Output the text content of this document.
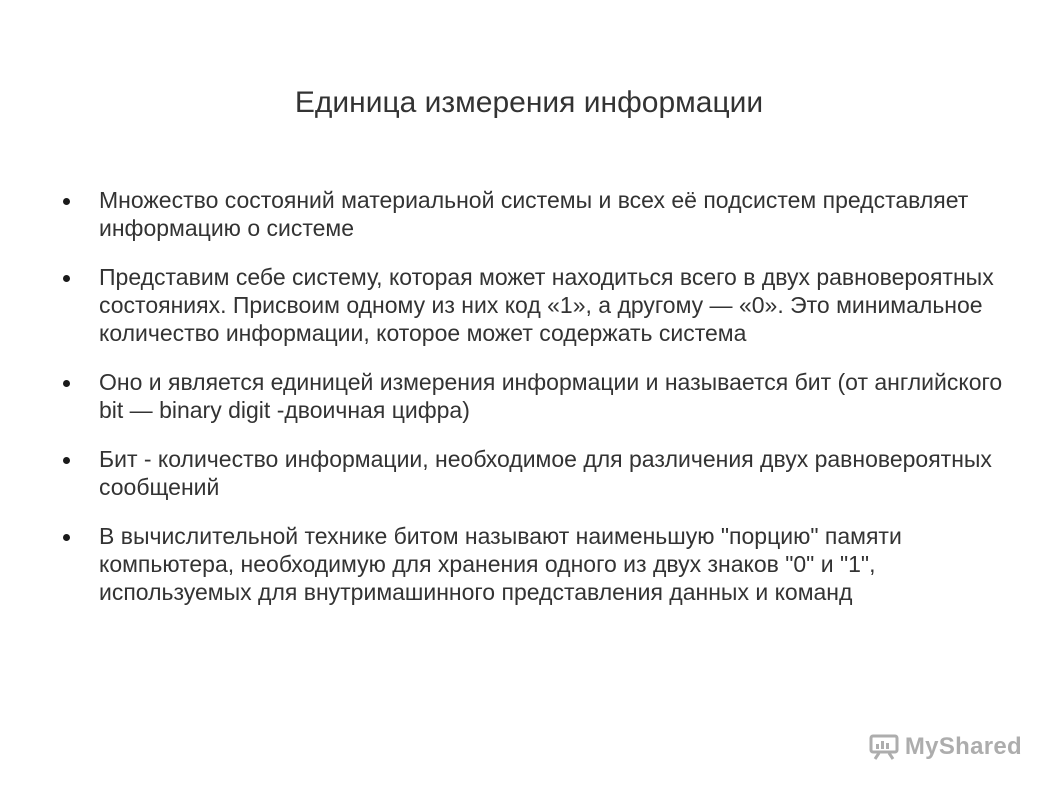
Единица измерения информации
Множество состояний материальной системы и всех её подсистем представляет информацию о системе
Представим себе систему, которая может находиться всего в двух равновероятных состояниях. Присвоим одному из них код «1», а другому — «0». Это минимальное количество информации, которое может содержать система
Оно и является единицей измерения информации и называется бит (от английского bit — binary digit -двоичная цифра)
Бит - количество информации, необходимое для различения двух равновероятных сообщений
В вычислительной технике битом называют наименьшую "порцию" памяти компьютера, необходимую для хранения одного из двух знаков "0" и "1", используемых для внутримашинного представления данных и команд
MyShared
